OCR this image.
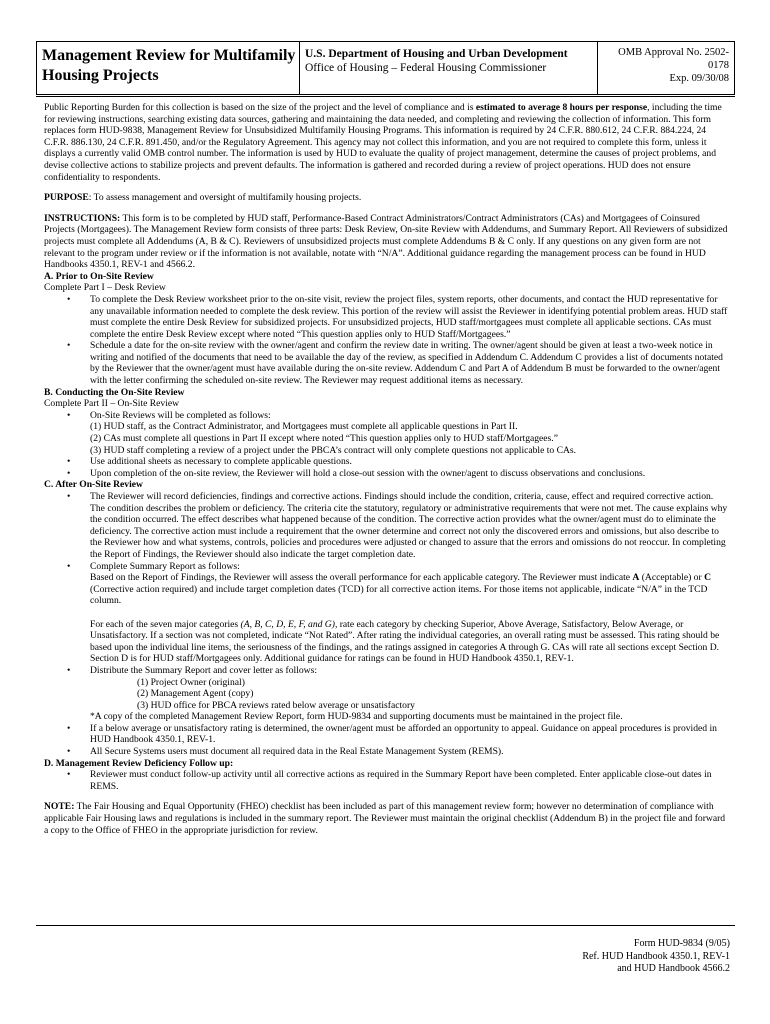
Management Review for Multifamily Housing Projects
U.S. Department of Housing and Urban Development
Office of Housing – Federal Housing Commissioner
OMB Approval No. 2502-0178
Exp. 09/30/08

Public Reporting Burden for this collection is based on the size of the project and the level of compliance and is estimated to average 8 hours per response, including the time for reviewing instructions, searching existing data sources, gathering and maintaining the data needed, and completing and reviewing the collection of information. This form replaces form HUD-9838, Management Review for Unsubsidized Multifamily Housing Programs. This information is required by 24 C.F.R. 880.612, 24 C.F.R. 884.224, 24 C.F.R. 886.130, 24 C.F.R. 891.450, and/or the Regulatory Agreement. This agency may not collect this information, and you are not required to complete this form, unless it displays a currently valid OMB control number. The information is used by HUD to evaluate the quality of project management, determine the causes of project problems, and devise collective actions to stabilize projects and prevent defaults. The information is gathered and recorded during a review of project operations. HUD does not ensure confidentiality to respondents.

PURPOSE: To assess management and oversight of multifamily housing projects.

INSTRUCTIONS: This form is to be completed by HUD staff, Performance-Based Contract Administrators/Contract Administrators (CAs) and Mortgagees of Coinsured Projects (Mortgagees). The Management Review form consists of three parts: Desk Review, On-site Review with Addendums, and Summary Report. All Reviewers of subsidized projects must complete all Addendums (A, B & C). Reviewers of unsubsidized projects must complete Addendums B & C only. If any questions on any given form are not relevant to the program under review or if the information is not available, notate with “N/A”. Additional guidance regarding the management process can be found in HUD Handbooks 4350.1, REV-1 and 4566.2.

A. Prior to On-Site Review

Complete Part I – Desk Review

• To complete the Desk Review worksheet prior to the on-site visit, review the project files, system reports, other documents, and contact the HUD representative for any unavailable information needed to complete the desk review. This portion of the review will assist the Reviewer in identifying potential problem areas. HUD staff must complete the entire Desk Review for subsidized projects. For unsubsidized projects, HUD staff/mortgagees must complete all applicable sections. CAs must complete the entire Desk Review except where noted “This question applies only to HUD Staff/Mortgagees.”
• Schedule a date for the on-site review with the owner/agent and confirm the review date in writing. The owner/agent should be given at least a two-week notice in writing and notified of the documents that need to be available the day of the review, as specified in Addendum C. Addendum C provides a list of documents notated by the Reviewer that the owner/agent must have available during the on-site review. Addendum C and Part A of Addendum B must be forwarded to the owner/agent with the letter confirming the scheduled on-site review. The Reviewer may request additional items as necessary.

B. Conducting the On-Site Review

Complete Part II – On-Site Review

• On-Site Reviews will be completed as follows:
(1) HUD staff, as the Contract Administrator, and Mortgagees must complete all applicable questions in Part II.
(2) CAs must complete all questions in Part II except where noted “This question applies only to HUD staff/Mortgagees.”
(3) HUD staff completing a review of a project under the PBCA’s contract will only complete questions not applicable to CAs.
• Use additional sheets as necessary to complete applicable questions.
• Upon completion of the on-site review, the Reviewer will hold a close-out session with the owner/agent to discuss observations and conclusions.

C. After On-Site Review

• The Reviewer will record deficiencies, findings and corrective actions. Findings should include the condition, criteria, cause, effect and required corrective action. The condition describes the problem or deficiency. The criteria cite the statutory, regulatory or administrative requirements that were not met. The cause explains why the condition occurred. The effect describes what happened because of the condition. The corrective action provides what the owner/agent must do to eliminate the deficiency. The corrective action must include a requirement that the owner determine and correct not only the discovered errors and omissions, but also describe to the Reviewer how and what systems, controls, policies and procedures were adjusted or changed to assure that the errors and omissions do not reoccur. In completing the Report of Findings, the Reviewer should also indicate the target completion date.
• Complete Summary Report as follows:
Based on the Report of Findings, the Reviewer will assess the overall performance for each applicable category. The Reviewer must indicate A (Acceptable) or C (Corrective action required) and include target completion dates (TCD) for all corrective action items. For those items not applicable, indicate “N/A” in the TCD column.
For each of the seven major categories (A, B, C, D, E, F, and G), rate each category by checking Superior, Above Average, Satisfactory, Below Average, or Unsatisfactory. If a section was not completed, indicate “Not Rated”. After rating the individual categories, an overall rating must be assessed. This rating should be based upon the individual line items, the seriousness of the findings, and the ratings assigned in categories A through G. CAs will rate all sections except Section D. Section D is for HUD staff/Mortgagees only. Additional guidance for ratings can be found in HUD Handbook 4350.1, REV-1.
• Distribute the Summary Report and cover letter as follows:
(1) Project Owner (original)
(2) Management Agent (copy)
(3) HUD office for PBCA reviews rated below average or unsatisfactory
*A copy of the completed Management Review Report, form HUD-9834 and supporting documents must be maintained in the project file.
• If a below average or unsatisfactory rating is determined, the owner/agent must be afforded an opportunity to appeal. Guidance on appeal procedures is provided in HUD Handbook 4350.1, REV-1.
• All Secure Systems users must document all required data in the Real Estate Management System (REMS).

D. Management Review Deficiency Follow up:

• Reviewer must conduct follow-up activity until all corrective actions as required in the Summary Report have been completed. Enter applicable close-out dates in REMS.

NOTE: The Fair Housing and Equal Opportunity (FHEO) checklist has been included as part of this management review form; however no determination of compliance with applicable Fair Housing laws and regulations is included in the summary report. The Reviewer must maintain the original checklist (Addendum B) in the project file and forward a copy to the Office of FHEO in the appropriate jurisdiction for review.

Form HUD-9834 (9/05)
Ref. HUD Handbook 4350.1, REV-1
and HUD Handbook 4566.2
